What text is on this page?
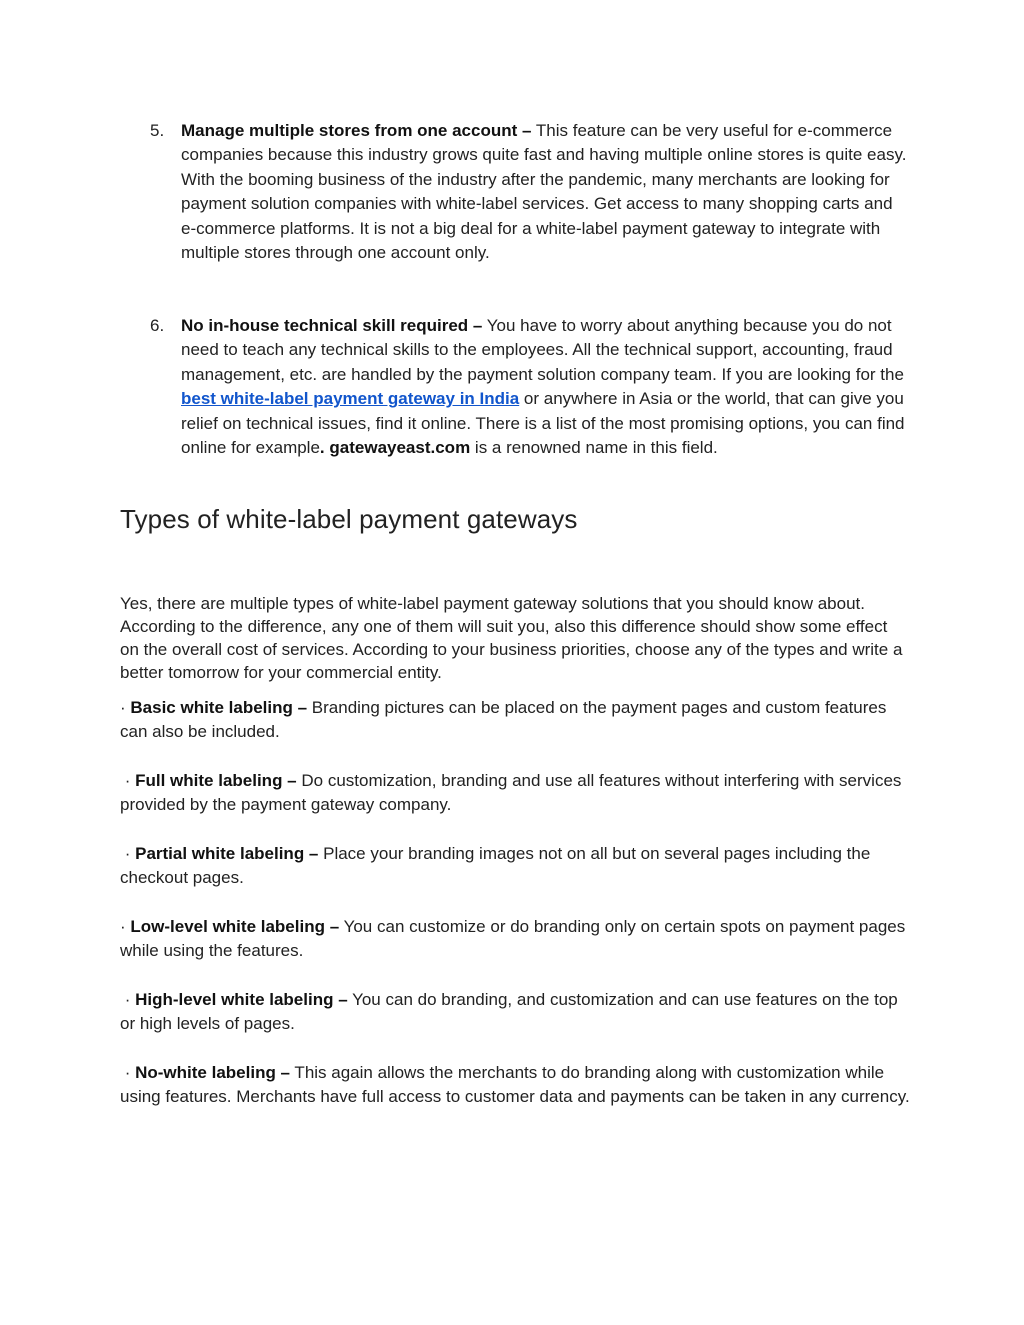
5. Manage multiple stores from one account – This feature can be very useful for e-commerce companies because this industry grows quite fast and having multiple online stores is quite easy. With the booming business of the industry after the pandemic, many merchants are looking for payment solution companies with white-label services. Get access to many shopping carts and e-commerce platforms. It is not a big deal for a white-label payment gateway to integrate with multiple stores through one account only.
6. No in-house technical skill required – You have to worry about anything because you do not need to teach any technical skills to the employees. All the technical support, accounting, fraud management, etc. are handled by the payment solution company team. If you are looking for the best white-label payment gateway in India or anywhere in Asia or the world, that can give you relief on technical issues, find it online. There is a list of the most promising options, you can find online for example. gatewayeast.com is a renowned name in this field.
Types of white-label payment gateways

Yes, there are multiple types of white-label payment gateway solutions that you should know about. According to the difference, any one of them will suit you, also this difference should show some effect on the overall cost of services. According to your business priorities, choose any of the types and write a better tomorrow for your commercial entity.

· Basic white labeling – Branding pictures can be placed on the payment pages and custom features can also be included.
· Full white labeling – Do customization, branding and use all features without interfering with services provided by the payment gateway company.
· Partial white labeling – Place your branding images not on all but on several pages including the checkout pages.
· Low-level white labeling – You can customize or do branding only on certain spots on payment pages while using the features.
· High-level white labeling – You can do branding, and customization and can use features on the top or high levels of pages.
· No-white labeling – This again allows the merchants to do branding along with customization while using features. Merchants have full access to customer data and payments can be taken in any currency.
